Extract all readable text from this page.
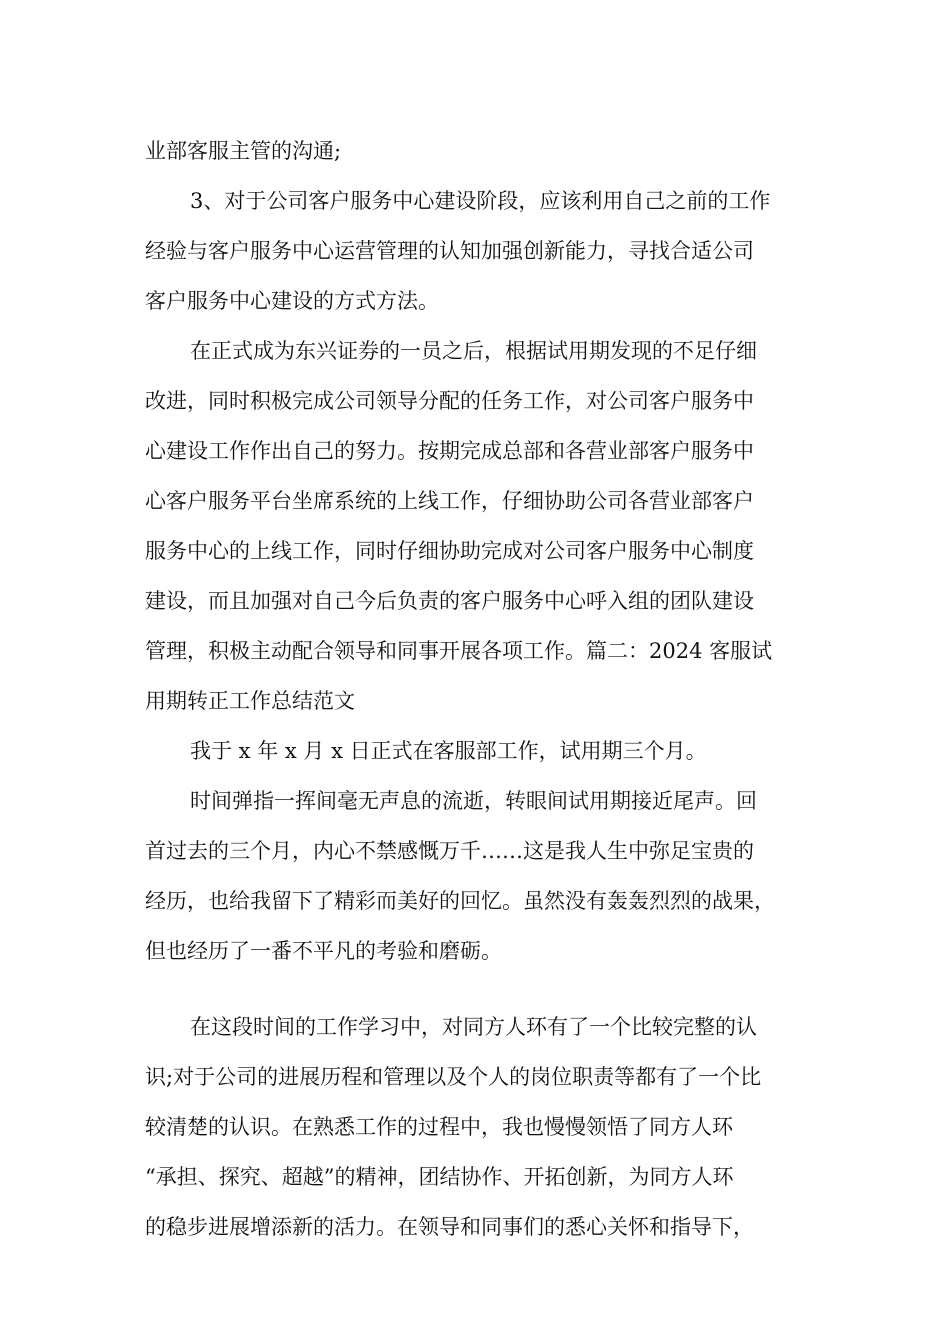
业部客服主管的沟通;
3、对于公司客户服务中心建设阶段，应该利用自己之前的工作
经验与客户服务中心运营管理的认知加强创新能力，寻找合适公司
客户服务中心建设的方式方法。
在正式成为东兴证券的一员之后，根据试用期发现的不足仔细
改进，同时积极完成公司领导分配的任务工作，对公司客户服务中
心建设工作作出自己的努力。按期完成总部和各营业部客户服务中
心客户服务平台坐席系统的上线工作，仔细协助公司各营业部客户
服务中心的上线工作，同时仔细协助完成对公司客户服务中心制度
建设，而且加强对自己今后负责的客户服务中心呼入组的团队建设
管理，积极主动配合领导和同事开展各项工作。篇二：2024 客服试
用期转正工作总结范文
我于 x 年 x 月 x 日正式在客服部工作，试用期三个月。
时间弹指一挥间毫无声息的流逝，转眼间试用期接近尾声。回
首过去的三个月，内心不禁感慨万千……这是我人生中弥足宝贵的
经历，也给我留下了精彩而美好的回忆。虽然没有轰轰烈烈的战果，
但也经历了一番不平凡的考验和磨砺。
在这段时间的工作学习中，对同方人环有了一个比较完整的认
识;对于公司的进展历程和管理以及个人的岗位职责等都有了一个比
较清楚的认识。在熟悉工作的过程中，我也慢慢领悟了同方人环
“承担、探究、超越”的精神，团结协作、开拓创新，为同方人环
的稳步进展增添新的活力。在领导和同事们的悉心关怀和指导下，
